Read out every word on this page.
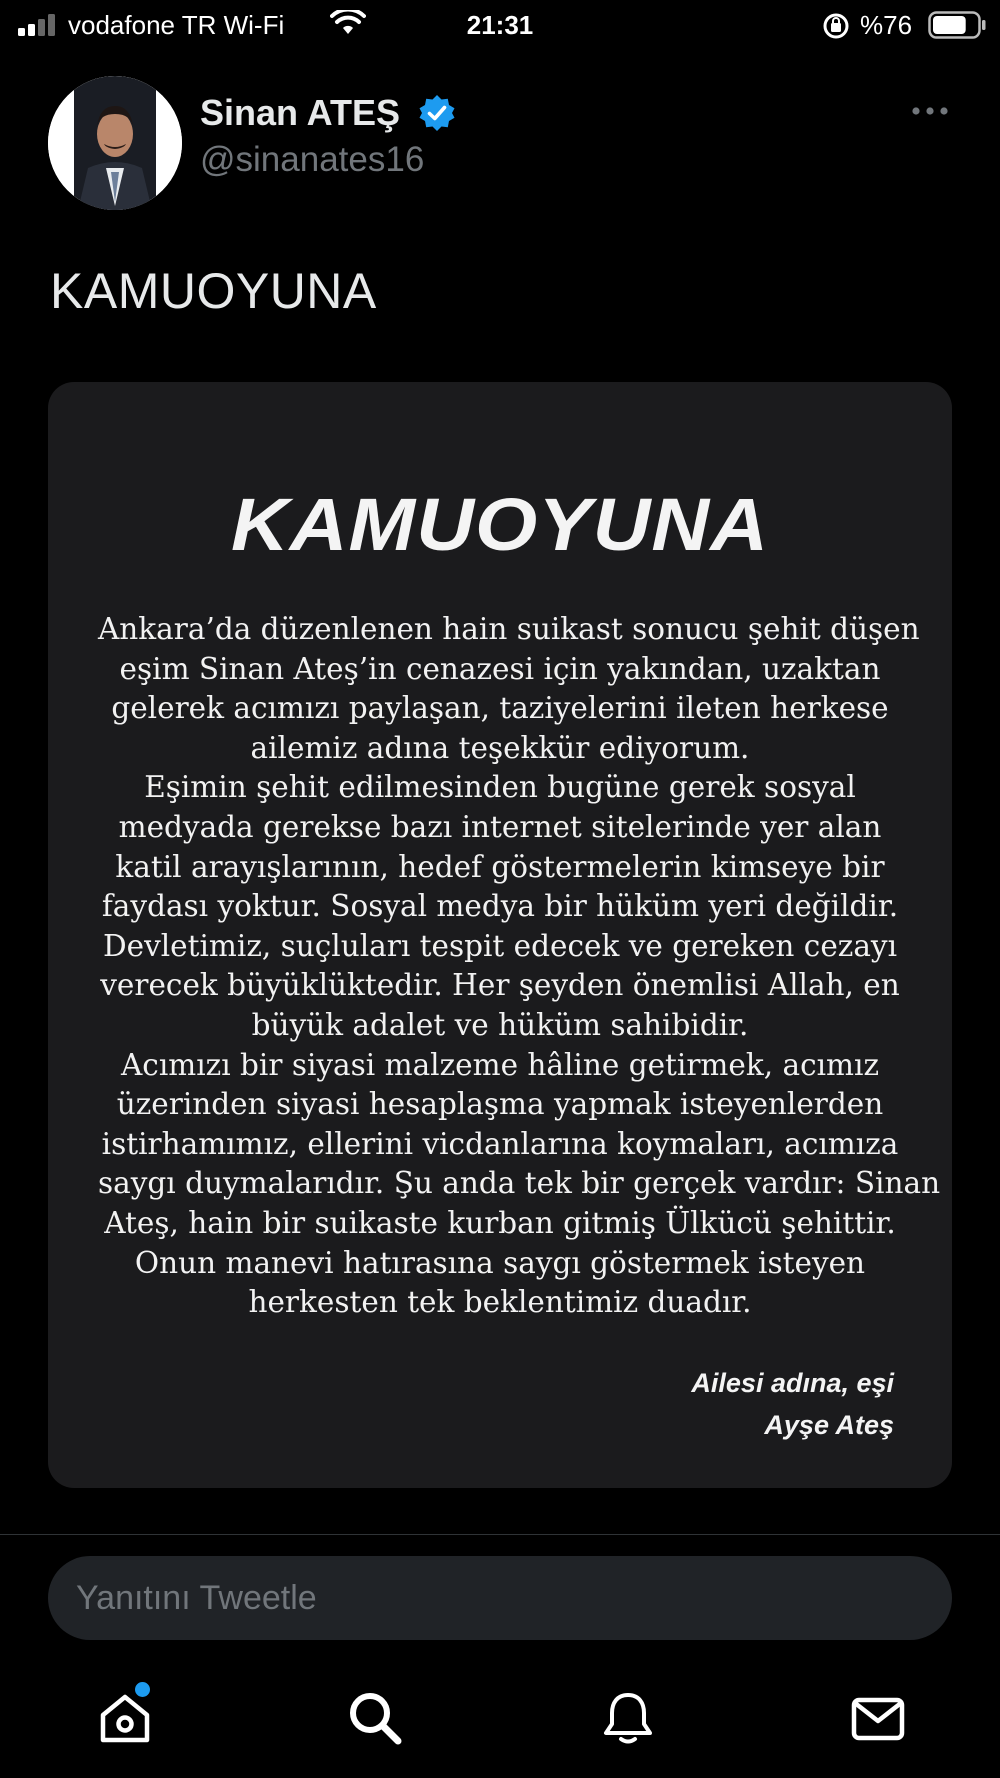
vodafone TR Wi-Fi	21:31	%76
Sinan ATEŞ
@sinanates16
KAMUOYUNA
KAMUOYUNA
Ankara’da düzenlenen hain suikast sonucu şehit düşen
eşim Sinan Ateş’in cenazesi için yakından, uzaktan
gelerek acımızı paylaşan, taziyelerini ileten herkese
ailemiz adına teşekkür ediyorum.
Eşimin şehit edilmesinden bugüne gerek sosyal
medyada gerekse bazı internet sitelerinde yer alan
katil arayışlarının, hedef göstermelerin kimseye bir
faydası yoktur. Sosyal medya bir hüküm yeri değildir.
Devletimiz, suçluları tespit edecek ve gereken cezayı
verecek büyüklüktedir. Her şeyden önemlisi Allah, en
büyük adalet ve hüküm sahibidir.
Acımızı bir siyasi malzeme hâline getirmek, acımız
üzerinden siyasi hesaplaşma yapmak isteyenlerden
istirhamımız, ellerini vicdanlarına koymaları, acımıza
saygı duymalarıdır. Şu anda tek bir gerçek vardır: Sinan
Ateş, hain bir suikaste kurban gitmiş Ülkücü şehittir.
Onun manevi hatırasına saygı göstermek isteyen
herkesten tek beklentimiz duadır.
Ailesi adına, eşi
Ayşe Ateş
Yanıtını Tweetle
